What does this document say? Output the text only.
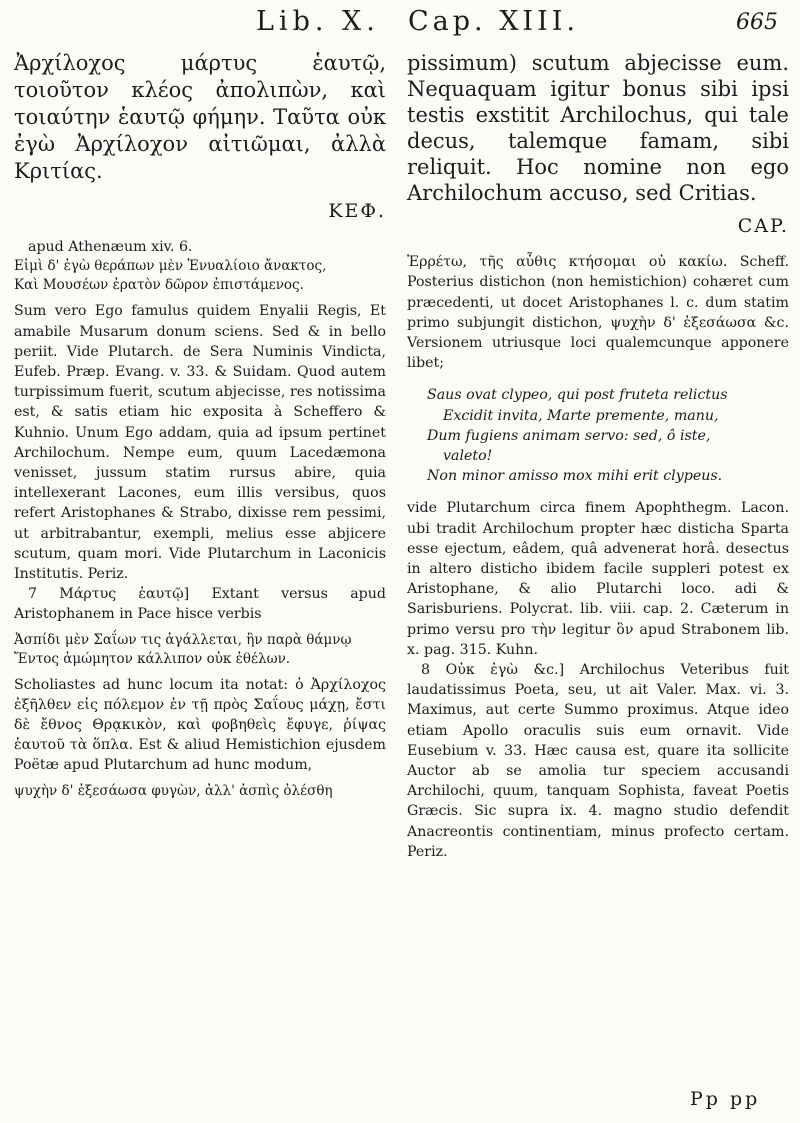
Lib. X. Cap. XIII.	665

Ἀρχίλοχος μάρτυς ἑαυτῷ, τοιοῦτον κλέος ἀπολιπὼν, καὶ τοιαύτην ἑαυτῷ φήμην. Ταῦτα οὐκ ἐγὼ Ἀρχίλοχον αἰτιῶμαι, ἀλλὰ Κριτίας.

ΚΕΦ.

apud Athenæum xiv. 6.

Εἰμὶ δ' ἐγὼ θεράπων μὲν Ἐνυαλίοιο ἄνακτος,

Καὶ Μουσέων ἐρατὸν δῶρον ἐπιστάμενος.

Sum vero Ego famulus quidem Enyalii Regis, Et amabile Musarum donum sciens. Sed & in bello periit. Vide Plutarch. de Sera Numinis Vindicta, Eufeb. Præp. Evang. v. 33. & Suidam. Quod autem turpissimum fuerit, scutum abjecisse, res notissima est, & satis etiam hic exposita à Scheffero & Kuhnio. Unum Ego addam, quia ad ipsum pertinet Archilochum. Nempe eum, quum Lacedæmona venisset, jussum statim rursus abire, quia intellexerant Lacones, eum illis versibus, quos refert Aristophanes & Strabo, dixisse rem pessimi, ut arbitrabantur, exempli, melius esse abjicere scutum, quam mori. Vide Plutarchum in Laconicis Institutis. Periz.

7 Μάρτυς ἑαυτῷ] Extant versus apud Aristophanem in Pace hisce verbis

Ἀσπίδι μὲν Σαΐων τις ἀγάλλεται, ἣν παρὰ θάμνῳ

Ἔντος ἀμώμητον κάλλιπον οὐκ ἐθέλων.

Scholiastes ad hunc locum ita notat: ὁ Ἀρχίλοχος ἐξῆλθεν εἰς πόλεμον ἐν τῇ πρὸς Σαΐους μάχῃ, ἔστι δὲ ἔθνος Θρᾳκικὸν, καὶ φοβηθεὶς ἔφυγε, ῥίψας ἑαυτοῦ τὰ ὅπλα. Est & aliud Hemistichion ejusdem Poëtæ apud Plutarchum ad hunc modum,

ψυχὴν δ' ἐξεσάωσα φυγὼν, ἀλλ' ἀσπὶς ὀλέσθη

pissimum) scutum abjecisse eum. Nequaquam igitur bonus sibi ipsi testis exstitit Archilochus, qui tale decus, talemque famam, sibi reliquit. Hoc nomine non ego Archilochum accuso, sed Critias.

CAP.

Ἐρρέτω, τῆς αὖθις κτήσομαι οὐ κακίω. Scheff. Posterius distichon (non hemistichion) cohæret cum præcedenti, ut docet Aristophanes l. c. dum statim primo subjungit distichon, ψυχὴν δ' ἐξεσάωσα &c. Versionem utriusque loci qualemcunque apponere libet;

Saus ovat clypeo, qui post fruteta relictus

Excidit invita, Marte premente, manu,

Dum fugiens animam servo: sed, ô iste,

valeto!

Non minor amisso mox mihi erit clypeus.

vide Plutarchum circa finem Apophthegm. Lacon. ubi tradit Archilochum propter hæc disticha Sparta esse ejectum, eâdem, quâ advenerat horâ. desectus in altero disticho ibidem facile suppleri potest ex Aristophane, & alio Plutarchi loco. adi & Sarisburiens. Polycrat. lib. viii. cap. 2. Cæterum in primo versu pro τὴν legitur ὃν apud Strabonem lib. x. pag. 315. Kuhn.

8 Οὐκ ἐγὼ &c.] Archilochus Veteribus fuit laudatissimus Poeta, seu, ut ait Valer. Max. vi. 3. Maximus, aut certe Summo proximus. Atque ideo etiam Apollo oraculis suis eum ornavit. Vide Eusebium v. 33. Hæc causa est, quare ita sollicite Auctor ab se amolia tur speciem accusandi Archilochi, quum, tanquam Sophista, faveat Poetis Græcis. Sic supra ix. 4. magno studio defendit Anacreontis continentiam, minus profecto certam. Periz.

Pp pp
